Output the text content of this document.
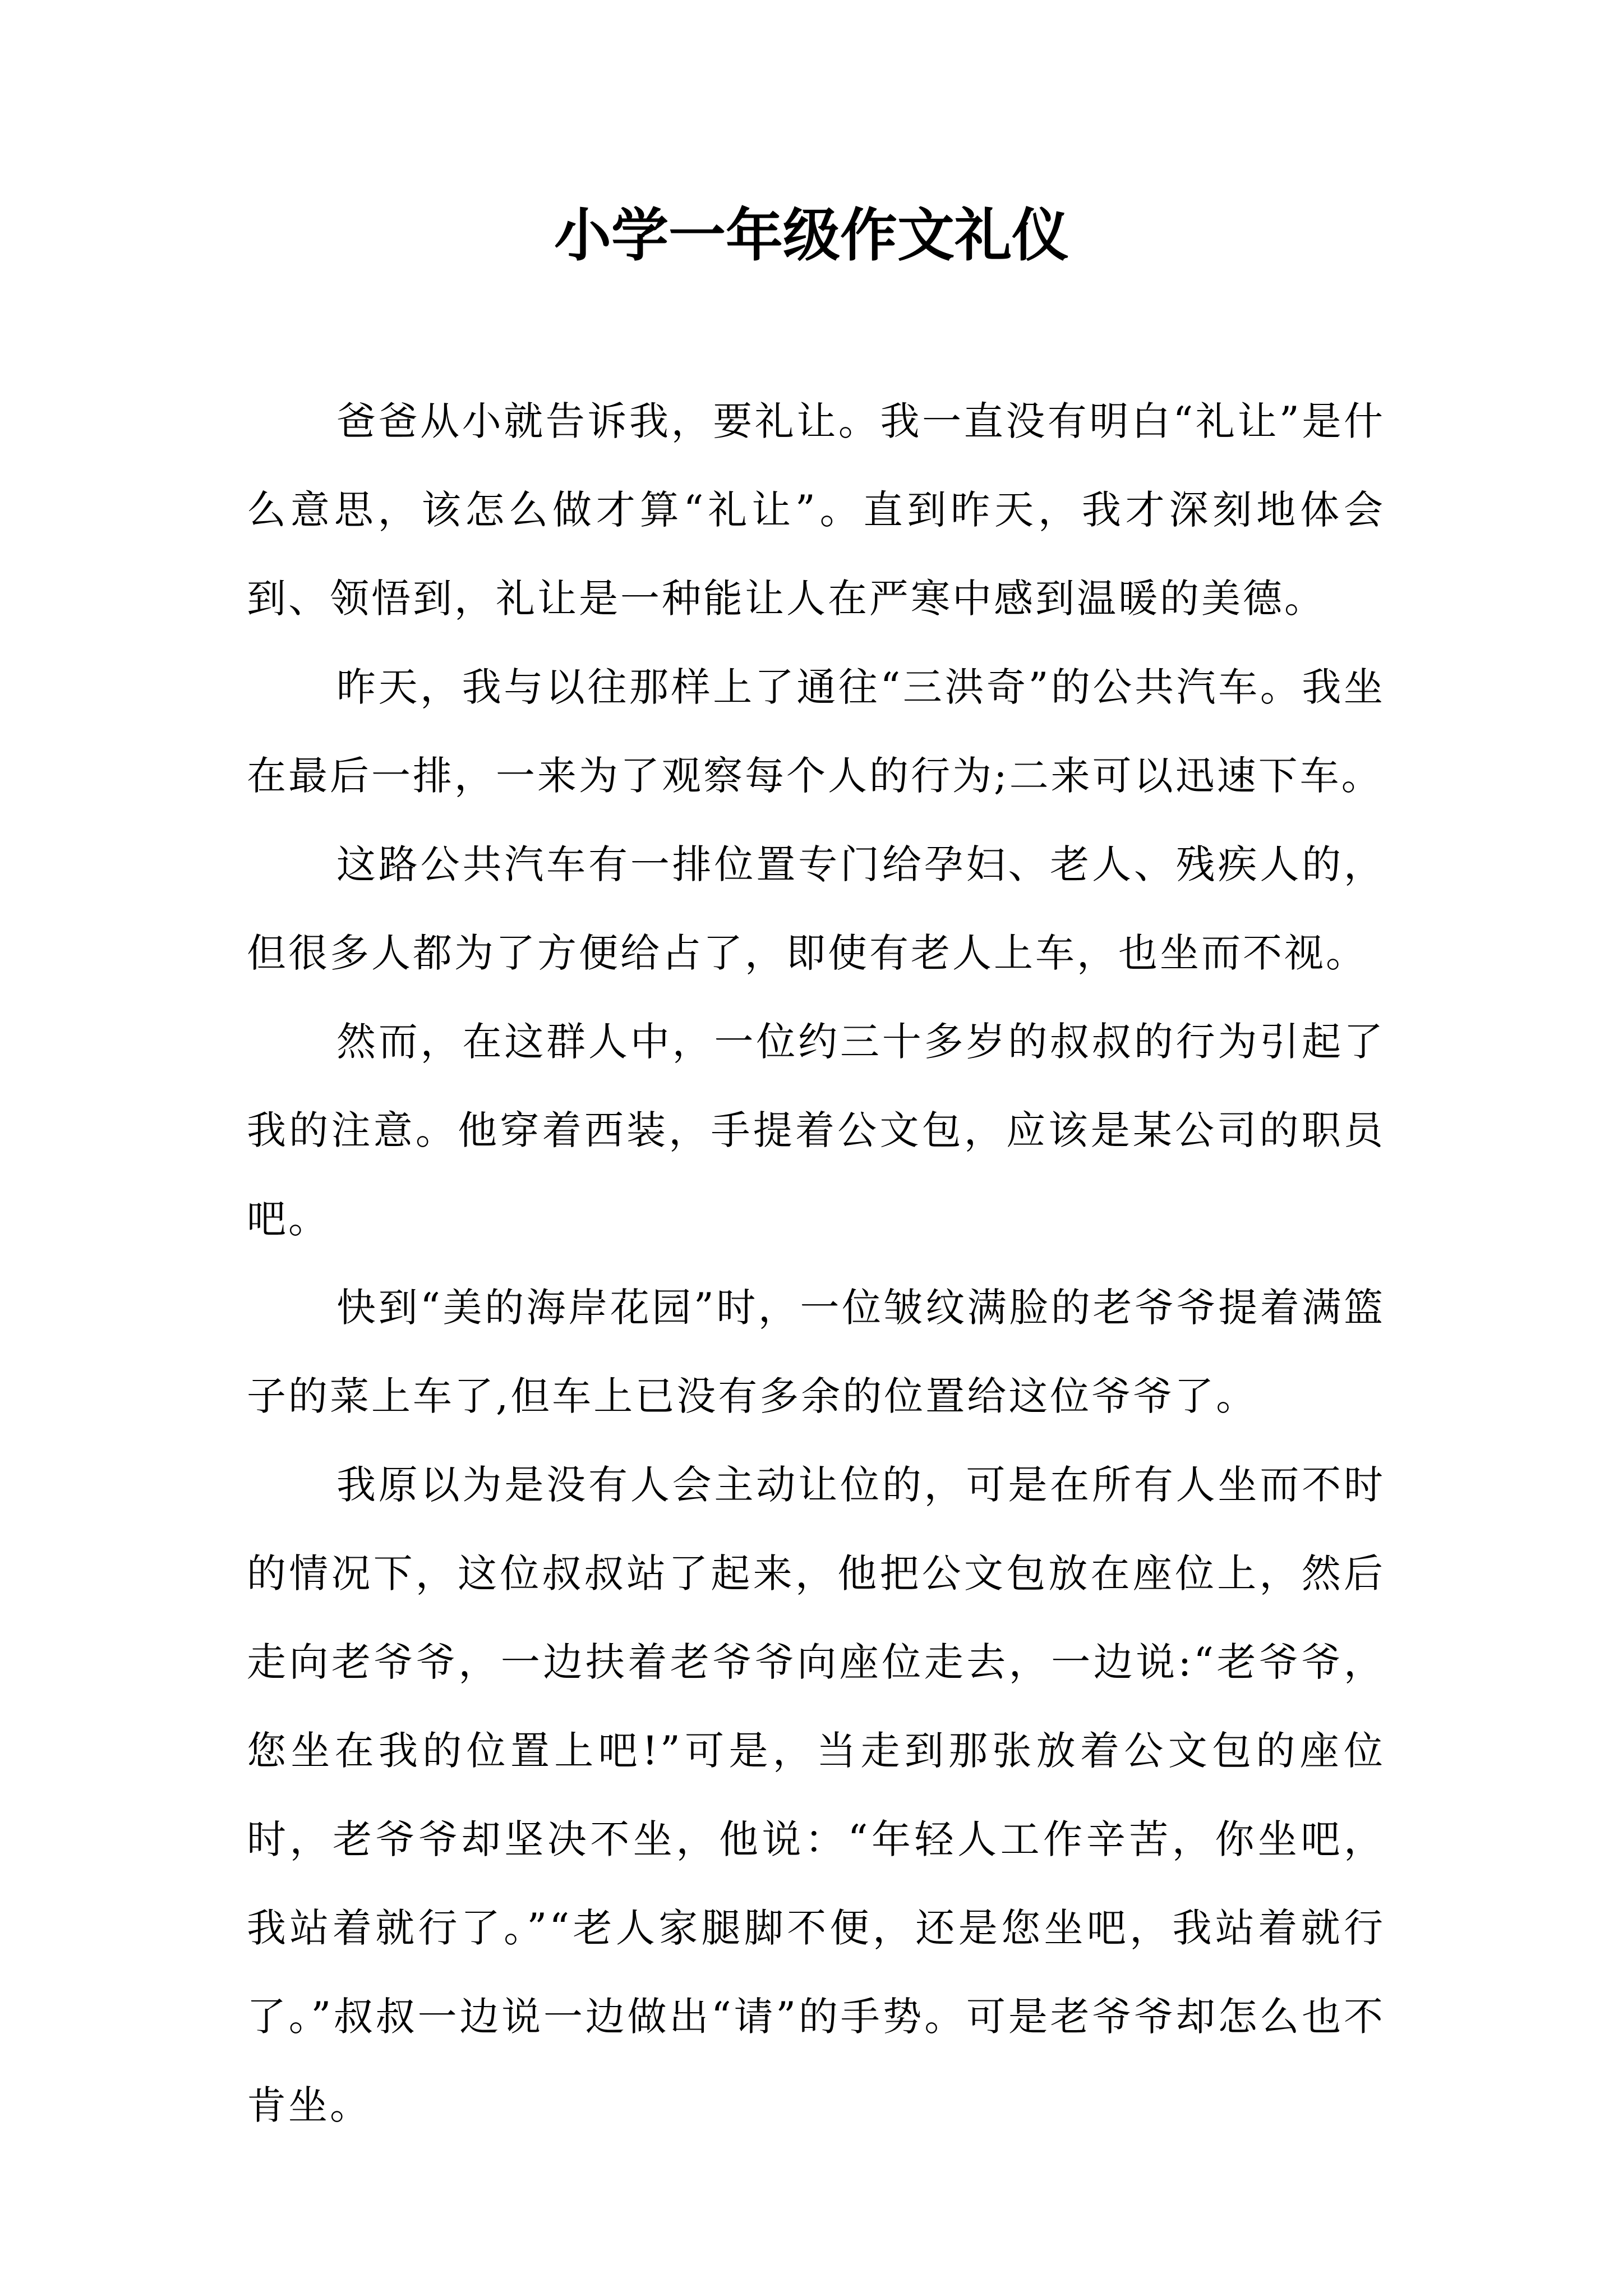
小学一年级作文礼仪

爸爸从小就告诉我，要礼让。我一直没有明白“礼让”是什么意思，该怎么做才算“礼让”。直到昨天，我才深刻地体会到、领悟到，礼让是一种能让人在严寒中感到温暖的美德。

昨天，我与以往那样上了通往“三洪奇”的公共汽车。我坐在最后一排，一来为了观察每个人的行为;二来可以迅速下车。

这路公共汽车有一排位置专门给孕妇、老人、残疾人的，但很多人都为了方便给占了，即使有老人上车，也坐而不视。

然而，在这群人中，一位约三十多岁的叔叔的行为引起了我的注意。他穿着西装，手提着公文包，应该是某公司的职员吧。

快到“美的海岸花园”时，一位皱纹满脸的老爷爷提着满篮子的菜上车了,但车上已没有多余的位置给这位爷爷了。

我原以为是没有人会主动让位的，可是在所有人坐而不时的情况下，这位叔叔站了起来，他把公文包放在座位上，然后走向老爷爷，一边扶着老爷爷向座位走去，一边说:“老爷爷，您坐在我的位置上吧!”可是，当走到那张放着公文包的座位时，老爷爷却坚决不坐，他说：“年轻人工作辛苦，你坐吧，我站着就行了。”“老人家腿脚不便，还是您坐吧，我站着就行了。”叔叔一边说一边做出“请”的手势。可是老爷爷却怎么也不肯坐。
